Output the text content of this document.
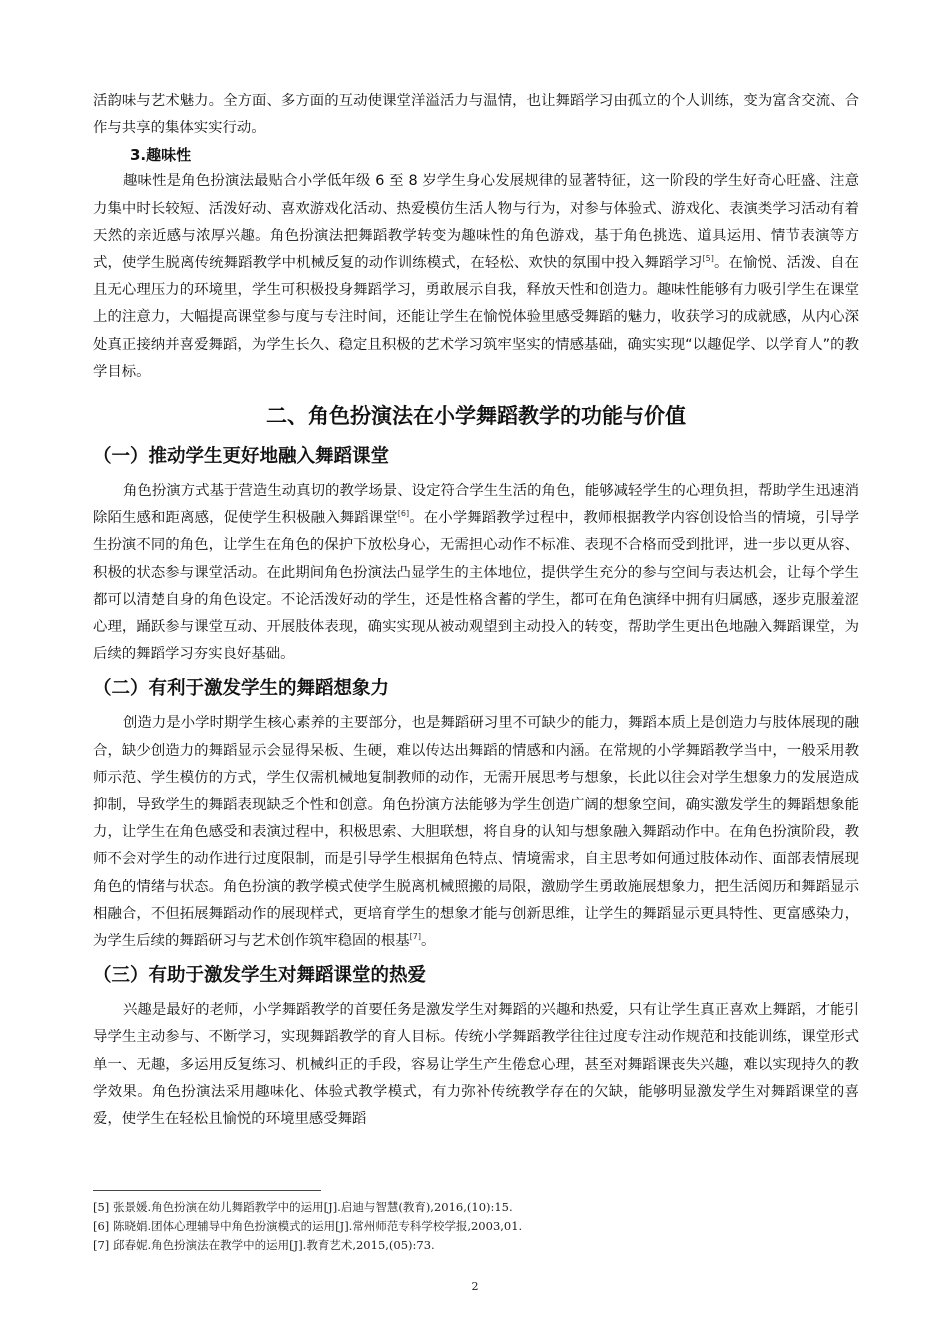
活韵味与艺术魅力。全方面、多方面的互动使课堂洋溢活力与温情，也让舞蹈学习由孤立的个人训练，变为富含交流、合作与共享的集体实实行动。

3.趣味性

趣味性是角色扮演法最贴合小学低年级 6 至 8 岁学生身心发展规律的显著特征，这一阶段的学生好奇心旺盛、注意力集中时长较短、活泼好动、喜欢游戏化活动、热爱模仿生活人物与行为，对参与体验式、游戏化、表演类学习活动有着天然的亲近感与浓厚兴趣。角色扮演法把舞蹈教学转变为趣味性的角色游戏，基于角色挑选、道具运用、情节表演等方式，使学生脱离传统舞蹈教学中机械反复的动作训练模式，在轻松、欢快的氛围中投入舞蹈学习[5]。在愉悦、活泼、自在且无心理压力的环境里，学生可积极投身舞蹈学习，勇敢展示自我，释放天性和创造力。趣味性能够有力吸引学生在课堂上的注意力，大幅提高课堂参与度与专注时间，还能让学生在愉悦体验里感受舞蹈的魅力，收获学习的成就感，从内心深处真正接纳并喜爱舞蹈，为学生长久、稳定且积极的艺术学习筑牢坚实的情感基础，确实实现“以趣促学、以学育人”的教学目标。

二、角色扮演法在小学舞蹈教学的功能与价值
（一）推动学生更好地融入舞蹈课堂

角色扮演方式基于营造生动真切的教学场景、设定符合学生生活的角色，能够减轻学生的心理负担，帮助学生迅速消除陌生感和距离感，促使学生积极融入舞蹈课堂[6]。在小学舞蹈教学过程中，教师根据教学内容创设恰当的情境，引导学生扮演不同的角色，让学生在角色的保护下放松身心，无需担心动作不标准、表现不合格而受到批评，进一步以更从容、积极的状态参与课堂活动。在此期间角色扮演法凸显学生的主体地位，提供学生充分的参与空间与表达机会，让每个学生都可以清楚自身的角色设定。不论活泼好动的学生，还是性格含蓄的学生，都可在角色演绎中拥有归属感，逐步克服羞涩心理，踊跃参与课堂互动、开展肢体表现，确实实现从被动观望到主动投入的转变，帮助学生更出色地融入舞蹈课堂，为后续的舞蹈学习夯实良好基础。

（二）有利于激发学生的舞蹈想象力

创造力是小学时期学生核心素养的主要部分，也是舞蹈研习里不可缺少的能力，舞蹈本质上是创造力与肢体展现的融合，缺少创造力的舞蹈显示会显得呆板、生硬，难以传达出舞蹈的情感和内涵。在常规的小学舞蹈教学当中，一般采用教师示范、学生模仿的方式，学生仅需机械地复制教师的动作，无需开展思考与想象，长此以往会对学生想象力的发展造成抑制，导致学生的舞蹈表现缺乏个性和创意。角色扮演方法能够为学生创造广阔的想象空间，确实激发学生的舞蹈想象能力，让学生在角色感受和表演过程中，积极思索、大胆联想，将自身的认知与想象融入舞蹈动作中。在角色扮演阶段，教师不会对学生的动作进行过度限制，而是引导学生根据角色特点、情境需求，自主思考如何通过肢体动作、面部表情展现角色的情绪与状态。角色扮演的教学模式使学生脱离机械照搬的局限，激励学生勇敢施展想象力，把生活阅历和舞蹈显示相融合，不但拓展舞蹈动作的展现样式，更培育学生的想象才能与创新思维，让学生的舞蹈显示更具特性、更富感染力，为学生后续的舞蹈研习与艺术创作筑牢稳固的根基[7]。

（三）有助于激发学生对舞蹈课堂的热爱

兴趣是最好的老师，小学舞蹈教学的首要任务是激发学生对舞蹈的兴趣和热爱，只有让学生真正喜欢上舞蹈，才能引导学生主动参与、不断学习，实现舞蹈教学的育人目标。传统小学舞蹈教学往往过度专注动作规范和技能训练，课堂形式单一、无趣，多运用反复练习、机械纠正的手段，容易让学生产生倦怠心理，甚至对舞蹈课丧失兴趣，难以实现持久的教学效果。角色扮演法采用趣味化、体验式教学模式，有力弥补传统教学存在的欠缺，能够明显激发学生对舞蹈课堂的喜爱，使学生在轻松且愉悦的环境里感受舞蹈

[5] 张景媛.角色扮演在幼儿舞蹈教学中的运用[J].启迪与智慧(教育),2016,(10):15.
[6] 陈晓娟.团体心理辅导中角色扮演模式的运用[J].常州师范专科学校学报,2003,01.
[7] 邱春妮.角色扮演法在教学中的运用[J].教育艺术,2015,(05):73.
2
